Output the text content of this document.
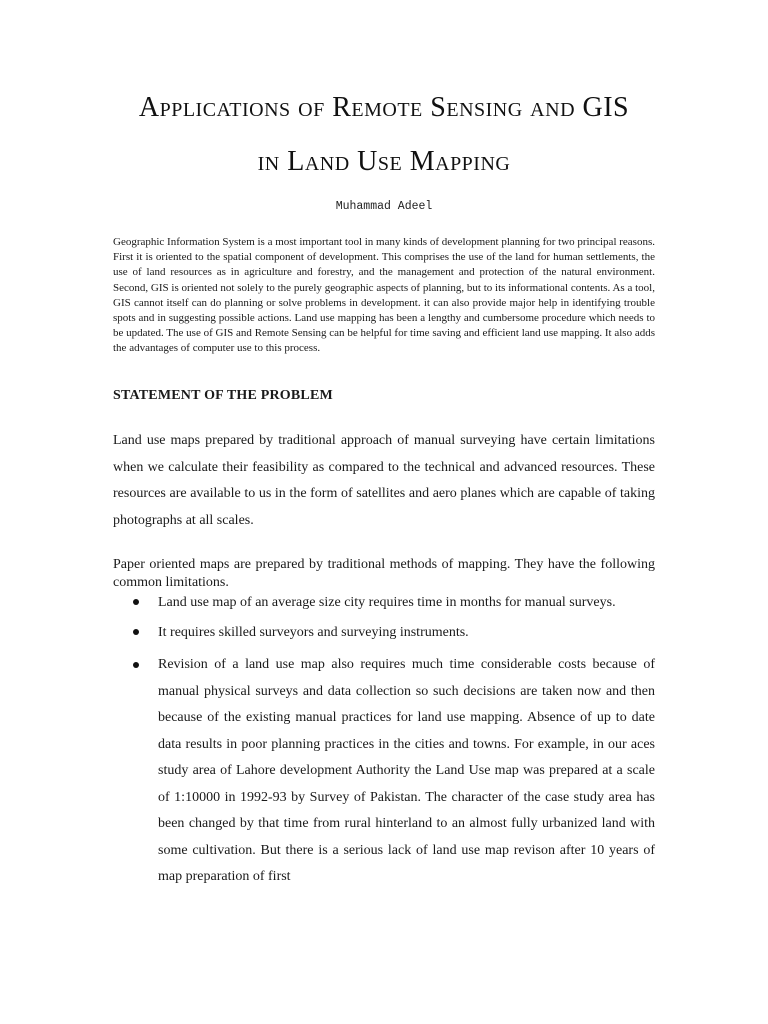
Applications of Remote Sensing and GIS
in Land Use Mapping
Muhammad Adeel

Geographic Information System is a most important tool in many kinds of development planning for two principal reasons. First it is oriented to the spatial component of development. This comprises the use of the land for human settlements, the use of land resources as in agriculture and forestry, and the management and protection of the natural environment. Second, GIS is oriented not solely to the purely geographic aspects of planning, but to its informational contents. As a tool, GIS cannot itself can do planning or solve problems in development. it can also provide major help in identifying trouble spots and in suggesting possible actions. Land use mapping has been a lengthy and cumbersome procedure which needs to be updated. The use of GIS and Remote Sensing can be helpful for time saving and efficient land use mapping. It also adds the advantages of computer use to this process.

STATEMENT OF THE PROBLEM

Land use maps prepared by traditional approach of manual surveying have certain limitations when we calculate their feasibility as compared to the technical and advanced resources. These resources are available to us in the form of satellites and aero planes which are capable of taking photographs at all scales.

Paper oriented maps are prepared by traditional methods of mapping. They have the following common limitations.

Land use map of an average size city requires time in months for manual surveys.
It requires skilled surveyors and surveying instruments.
Revision of a land use map also requires much time considerable costs because of manual physical surveys and data collection so such decisions are taken now and then because of the existing manual practices for land use mapping. Absence of up to date data results in poor planning practices in the cities and towns. For example, in our aces study area of Lahore development Authority the Land Use map was prepared at a scale of 1:10000 in 1992-93 by Survey of Pakistan. The character of the case study area has been changed by that time from rural hinterland to an almost fully urbanized land with some cultivation. But there is a serious lack of land use map revison after 10 years of map preparation of first
